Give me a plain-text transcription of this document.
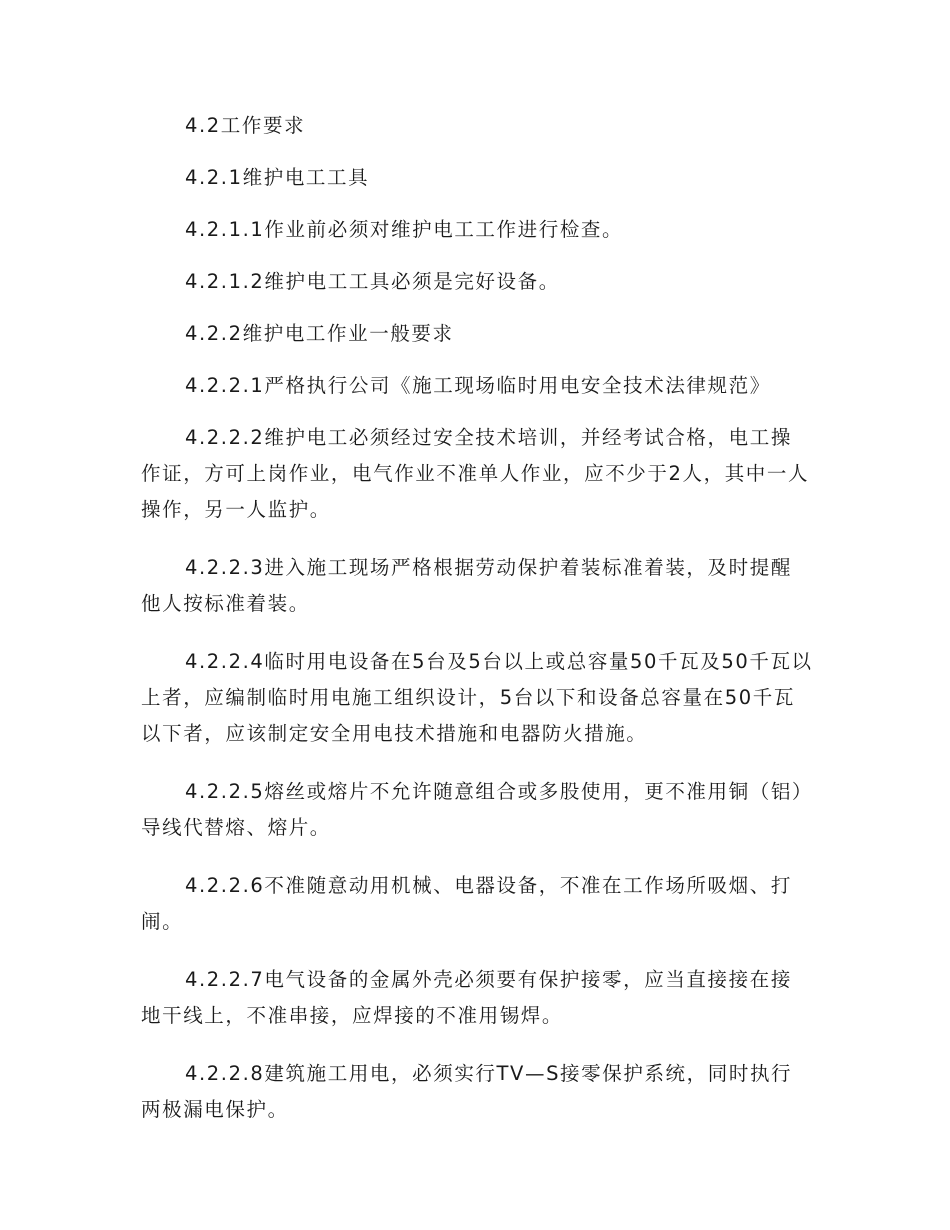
4.2工作要求

4.2.1维护电工工具

4.2.1.1作业前必须对维护电工工作进行检查。

4.2.1.2维护电工工具必须是完好设备。

4.2.2维护电工作业一般要求

4.2.2.1严格执行公司《施工现场临时用电安全技术法律规范》

4.2.2.2维护电工必须经过安全技术培训，并经考试合格，电工操作证，方可上岗作业，电气作业不准单人作业，应不少于2人，其中一人操作，另一人监护。

4.2.2.3进入施工现场严格根据劳动保护着装标准着装，及时提醒他人按标准着装。

4.2.2.4临时用电设备在5台及5台以上或总容量50千瓦及50千瓦以上者，应编制临时用电施工组织设计，5台以下和设备总容量在50千瓦以下者，应该制定安全用电技术措施和电器防火措施。

4.2.2.5熔丝或熔片不允许随意组合或多股使用，更不准用铜（铝）导线代替熔、熔片。

4.2.2.6不准随意动用机械、电器设备，不准在工作场所吸烟、打闹。

4.2.2.7电气设备的金属外壳必须要有保护接零，应当直接接在接地干线上，不准串接，应焊接的不准用锡焊。

4.2.2.8建筑施工用电，必须实行TV—S接零保护系统，同时执行两极漏电保护。
